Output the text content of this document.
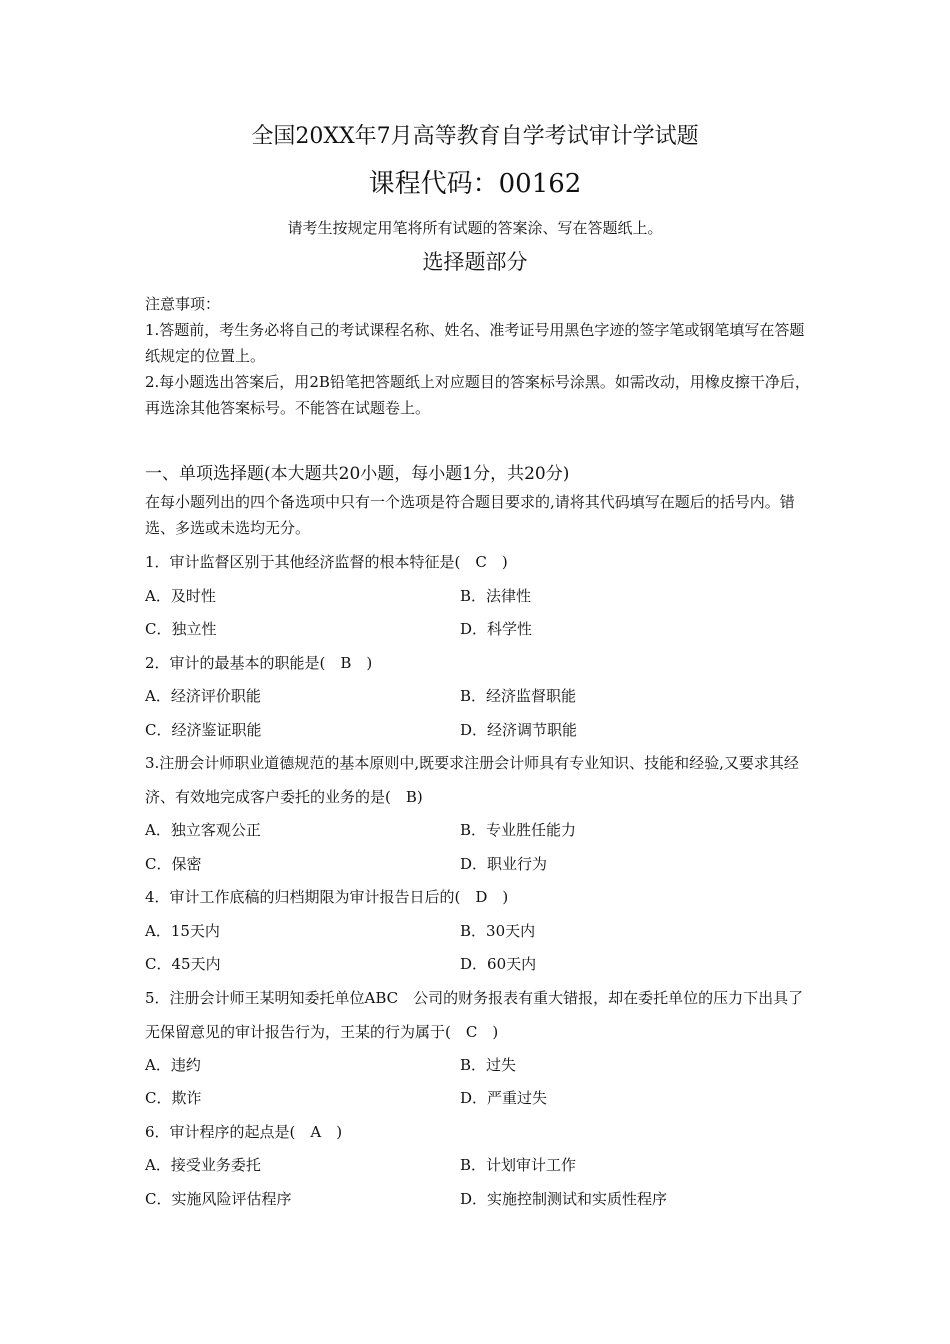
全国20XX年7月高等教育自学考试审计学试题
课程代码：00162
请考生按规定用笔将所有试题的答案涂、写在答题纸上。
选择题部分
注意事项：
1.答题前，考生务必将自己的考试课程名称、姓名、准考证号用黑色字迹的签字笔或钢笔填写在答题纸规定的位置上。
2.每小题选出答案后，用2B铅笔把答题纸上对应题目的答案标号涂黑。如需改动，用橡皮擦干净后，再选涂其他答案标号。不能答在试题卷上。
一、单项选择题(本大题共20小题，每小题1分，共20分)
在每小题列出的四个备选项中只有一个选项是符合题目要求的,请将其代码填写在题后的括号内。错选、多选或未选均无分。
1．审计监督区别于其他经济监督的根本特征是(　C　)
A．及时性	B．法律性
C．独立性	D．科学性
2．审计的最基本的职能是(　B　)
A．经济评价职能	B．经济监督职能
C．经济鉴证职能	D．经济调节职能
3.注册会计师职业道德规范的基本原则中,既要求注册会计师具有专业知识、技能和经验,又要求其经济、有效地完成客户委托的业务的是(　B)
A．独立客观公正	B．专业胜任能力
C．保密	D．职业行为
4．审计工作底稿的归档期限为审计报告日后的(　D　)
A．15天内	B．30天内
C．45天内	D．60天内
5．注册会计师王某明知委托单位ABC　公司的财务报表有重大错报，却在委托单位的压力下出具了无保留意见的审计报告行为，王某的行为属于(　C　)
A．违约	B．过失
C．欺诈	D．严重过失
6．审计程序的起点是(　A　)
A．接受业务委托	B．计划审计工作
C．实施风险评估程序	D．实施控制测试和实质性程序
